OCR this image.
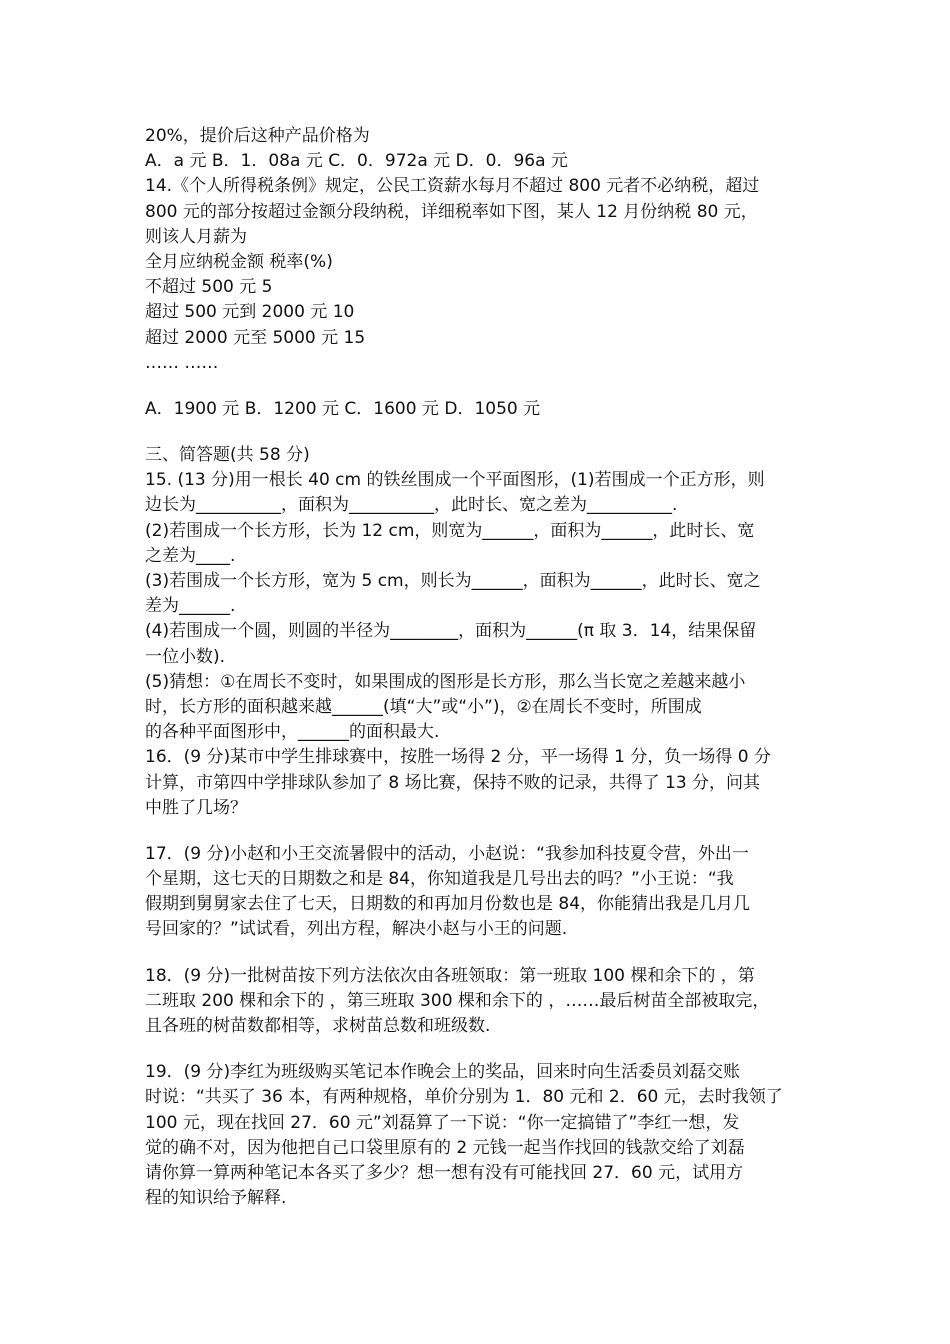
20%，提价后这种产品价格为
A．a 元 B．1．08a 元 C．0．972a 元 D．0．96a 元
14.《个人所得税条例》规定，公民工资薪水每月不超过 800 元者不必纳税，超过
800 元的部分按超过金额分段纳税，详细税率如下图，某人 12 月份纳税 80 元，
则该人月薪为
全月应纳税金额 税率(%)
不超过 500 元 5
超过 500 元到 2000 元 10
超过 2000 元至 5000 元 15
…… ……
A．1900 元 B．1200 元 C．1600 元 D．1050 元
三、简答题(共 58 分)
15. (13 分)用一根长 40 cm 的铁丝围成一个平面图形，(1)若围成一个正方形，则
边长为__________，面积为__________，此时长、宽之差为__________.
(2)若围成一个长方形，长为 12 cm，则宽为______，面积为______，此时长、宽
之差为____.
(3)若围成一个长方形，宽为 5 cm，则长为______，面积为______，此时长、宽之
差为______.
(4)若围成一个圆，则圆的半径为________，面积为______(π 取 3．14，结果保留
一位小数).
(5)猜想：①在周长不变时，如果围成的图形是长方形，那么当长宽之差越来越小
时，长方形的面积越来越______(填“大”或“小”)，②在周长不变时，所围成
的各种平面图形中，______的面积最大.
16．(9 分)某市中学生排球赛中，按胜一场得 2 分，平一场得 1 分，负一场得 0 分
计算，市第四中学排球队参加了 8 场比赛，保持不败的记录，共得了 13 分，问其
中胜了几场？
17．(9 分)小赵和小王交流暑假中的活动，小赵说：“我参加科技夏令营，外出一
个星期，这七天的日期数之和是 84，你知道我是几号出去的吗？”小王说：“我
假期到舅舅家去住了七天，日期数的和再加月份数也是 84，你能猜出我是几月几
号回家的？”试试看，列出方程，解决小赵与小王的问题.
18．(9 分)一批树苗按下列方法依次由各班领取：第一班取 100 棵和余下的 ，第
二班取 200 棵和余下的 ，第三班取 300 棵和余下的 ，……最后树苗全部被取完，
且各班的树苗数都相等，求树苗总数和班级数.
19．(9 分)李红为班级购买笔记本作晚会上的奖品，回来时向生活委员刘磊交账
时说：“共买了 36 本，有两种规格，单价分别为 1．80 元和 2．60 元，去时我领了
100 元，现在找回 27．60 元”刘磊算了一下说：“你一定搞错了”李红一想，发
觉的确不对，因为他把自己口袋里原有的 2 元钱一起当作找回的钱款交给了刘磊
请你算一算两种笔记本各买了多少？想一想有没有可能找回 27．60 元，试用方
程的知识给予解释.
